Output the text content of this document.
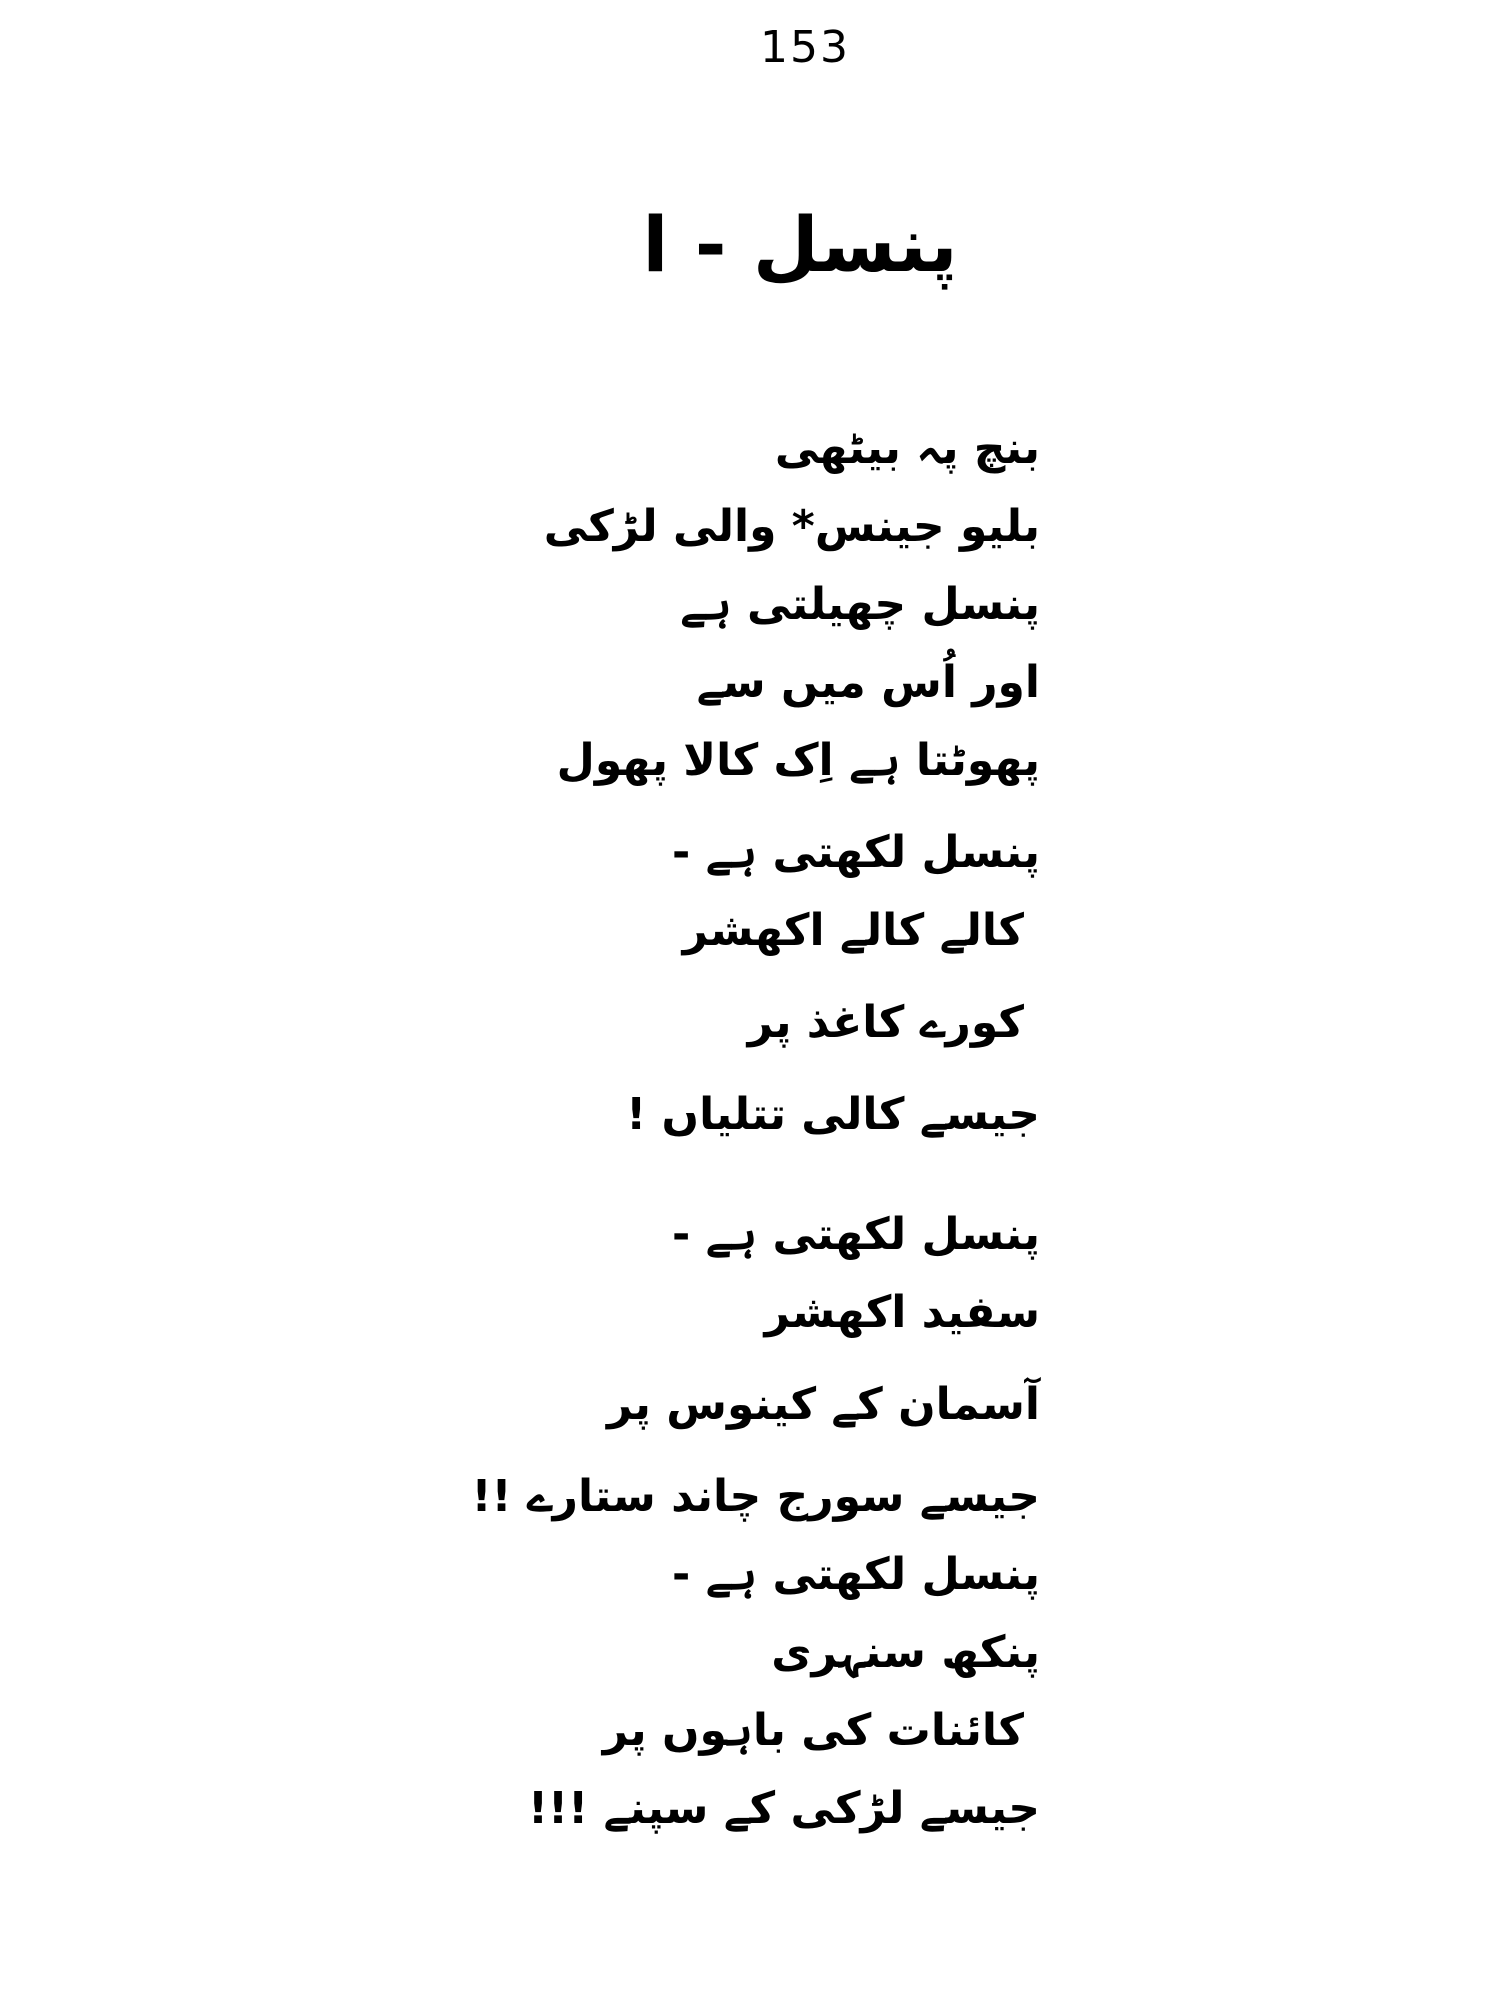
153
پنسل - ا
بنچ پہ بیٹھی
بلیو جینس* والی لڑکی
پنسل چھیلتی ہے
اور اُس میں سے
پھوٹتا ہے اِک کالا پھول
پنسل لکھتی ہے -
کالے کالے اکھشر
کورے کاغذ پر
جیسے کالی تتلیاں !
پنسل لکھتی ہے -
سفید اکھشر
آسمان کے کینوس پر
جیسے سورج چاند ستارے !!
پنسل لکھتی ہے -
پنکھ سنہری
کائنات کی باہوں پر
جیسے لڑکی کے سپنے !!!
